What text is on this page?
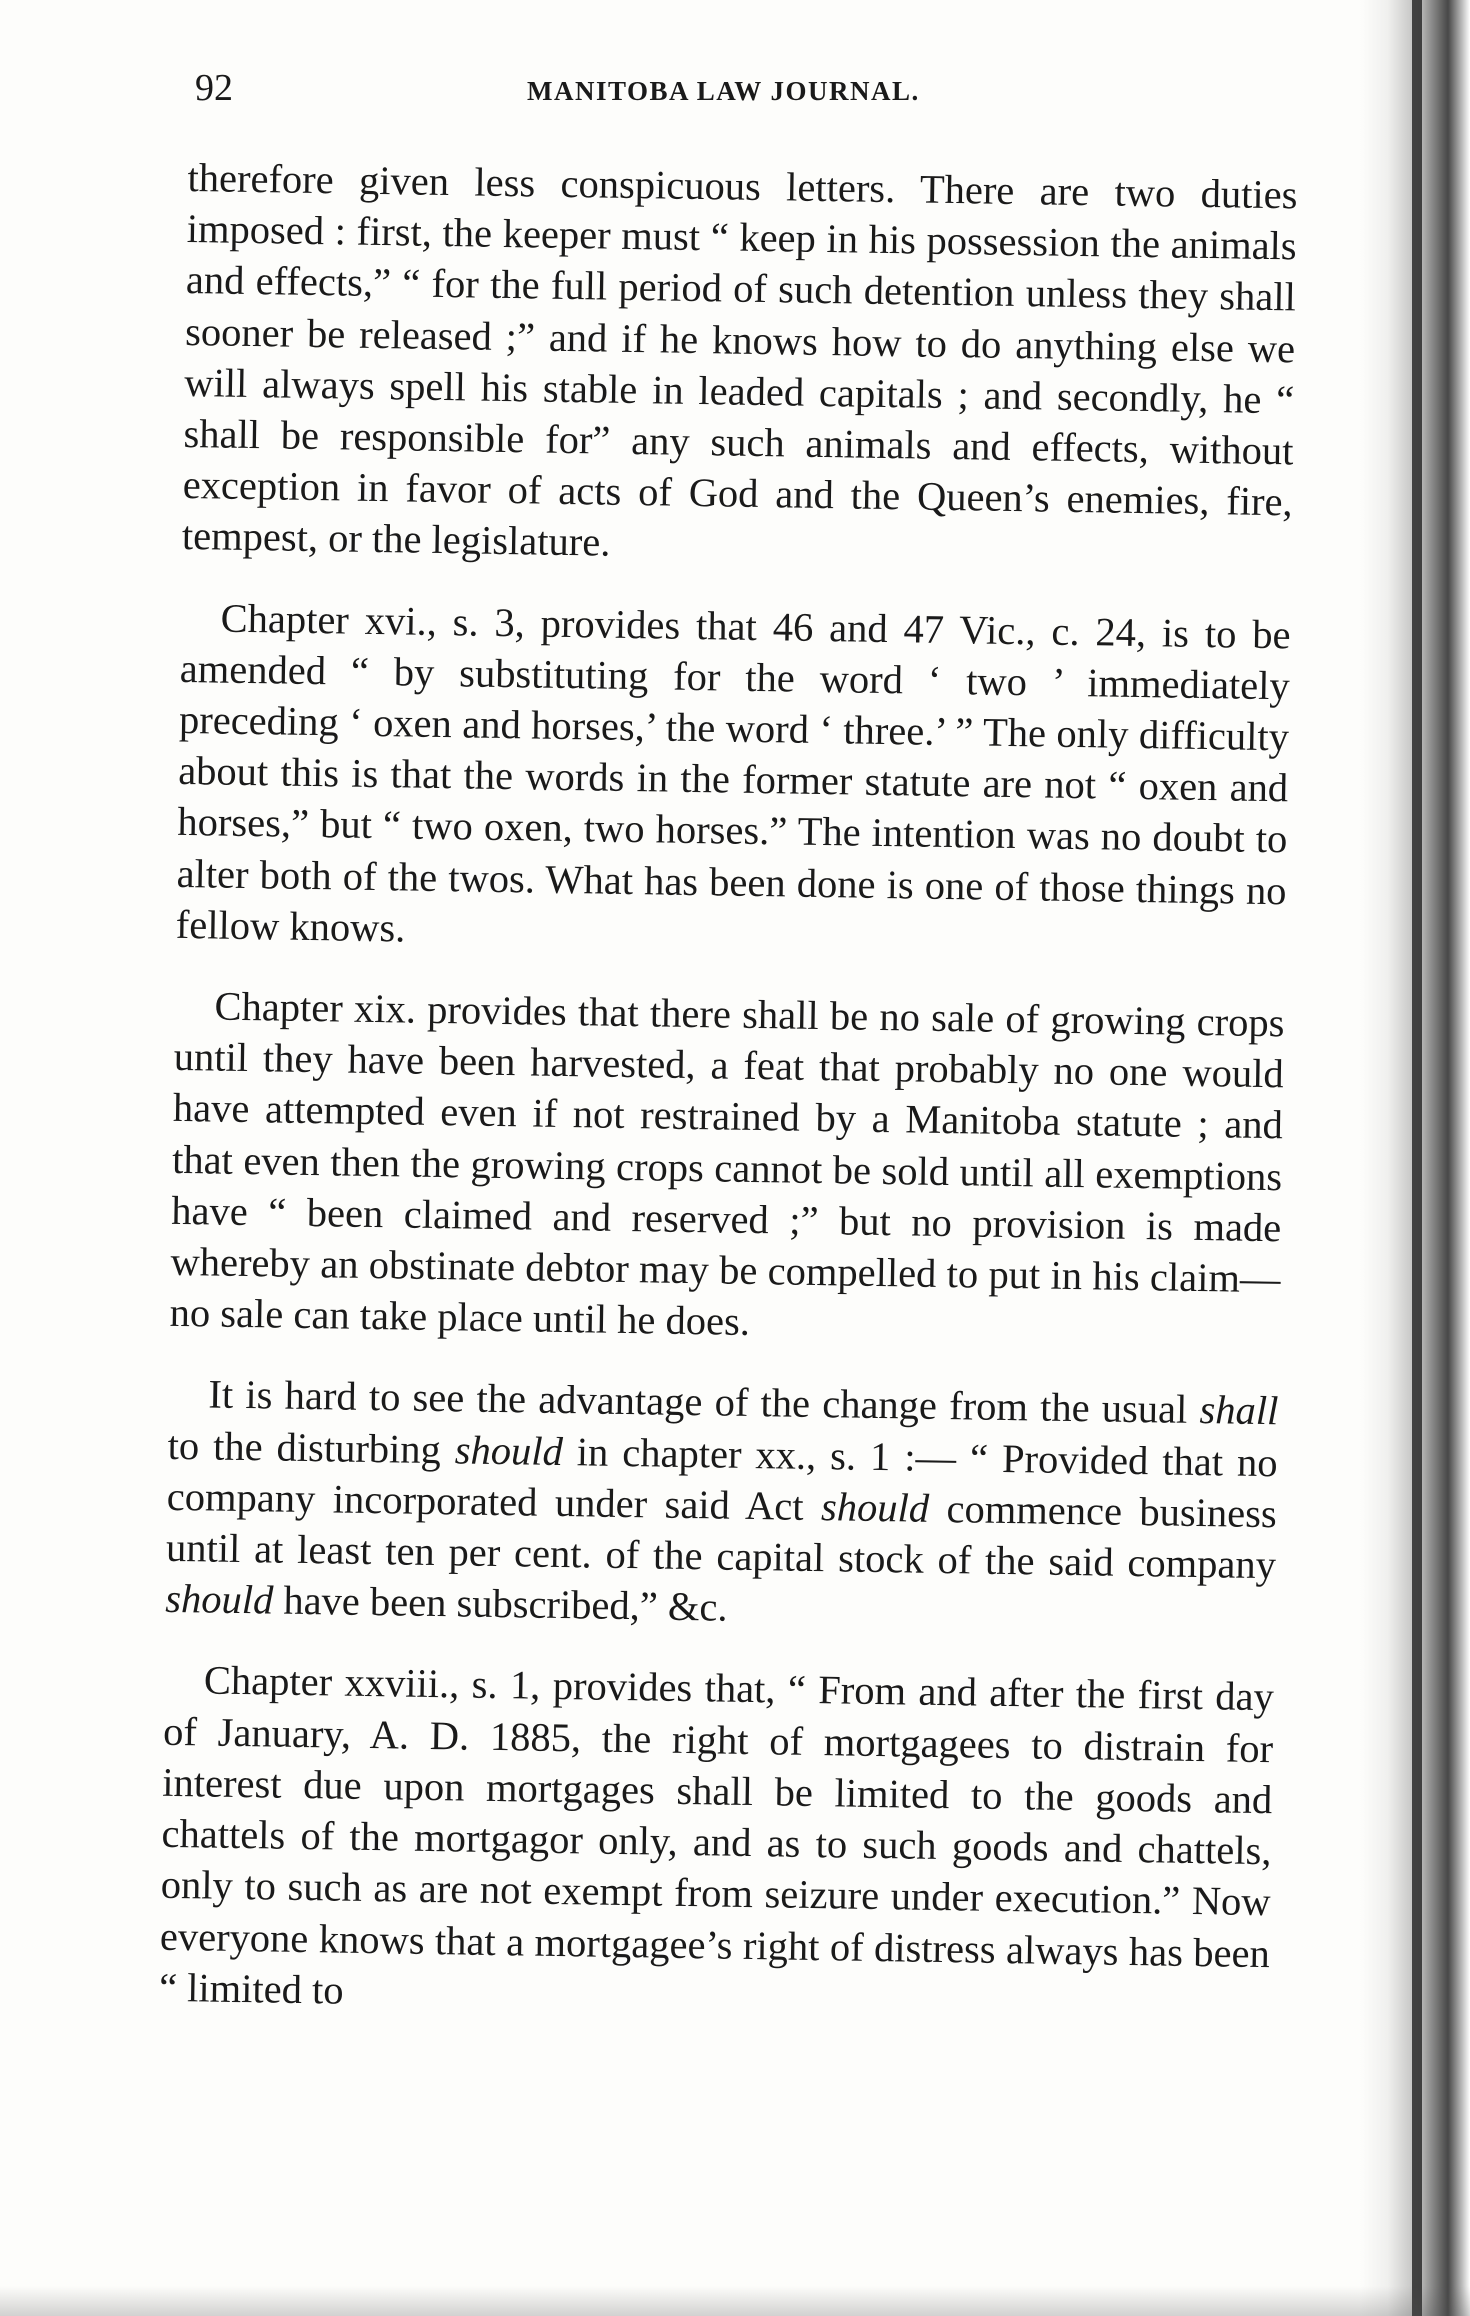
92	MANITOBA LAW JOURNAL.

therefore given less conspicuous letters. There are two duties imposed : first, the keeper must “ keep in his possession the animals and effects,” “ for the full period of such detention unless they shall sooner be released ;” and if he knows how to do anything else we will always spell his stable in leaded capitals ; and secondly, he “ shall be responsible for” any such animals and effects, without exception in favor of acts of God and the Queen’s enemies, fire, tempest, or the legislature.

Chapter xvi., s. 3, provides that 46 and 47 Vic., c. 24, is to be amended “ by substituting for the word ‘ two ’ immediately preceding ‘ oxen and horses,’ the word ‘ three.’ ” The only difficulty about this is that the words in the former statute are not “ oxen and horses,” but “ two oxen, two horses.” The intention was no doubt to alter both of the twos. What has been done is one of those things no fellow knows.

Chapter xix. provides that there shall be no sale of growing crops until they have been harvested, a feat that probably no one would have attempted even if not restrained by a Manitoba statute ; and that even then the growing crops cannot be sold until all exemptions have “ been claimed and reserved ;” but no provision is made whereby an obstinate debtor may be compelled to put in his claim—no sale can take place until he does.

It is hard to see the advantage of the change from the usual shall to the disturbing should in chapter xx., s. 1 :— “ Provided that no company incorporated under said Act should commence business until at least ten per cent. of the capital stock of the said company should have been subscribed,” &c.

Chapter xxviii., s. 1, provides that, “ From and after the first day of January, A. D. 1885, the right of mortgagees to distrain for interest due upon mortgages shall be limited to the goods and chattels of the mortgagor only, and as to such goods and chattels, only to such as are not exempt from seizure under execution.” Now everyone knows that a mortgagee’s right of distress always has been “ limited to
